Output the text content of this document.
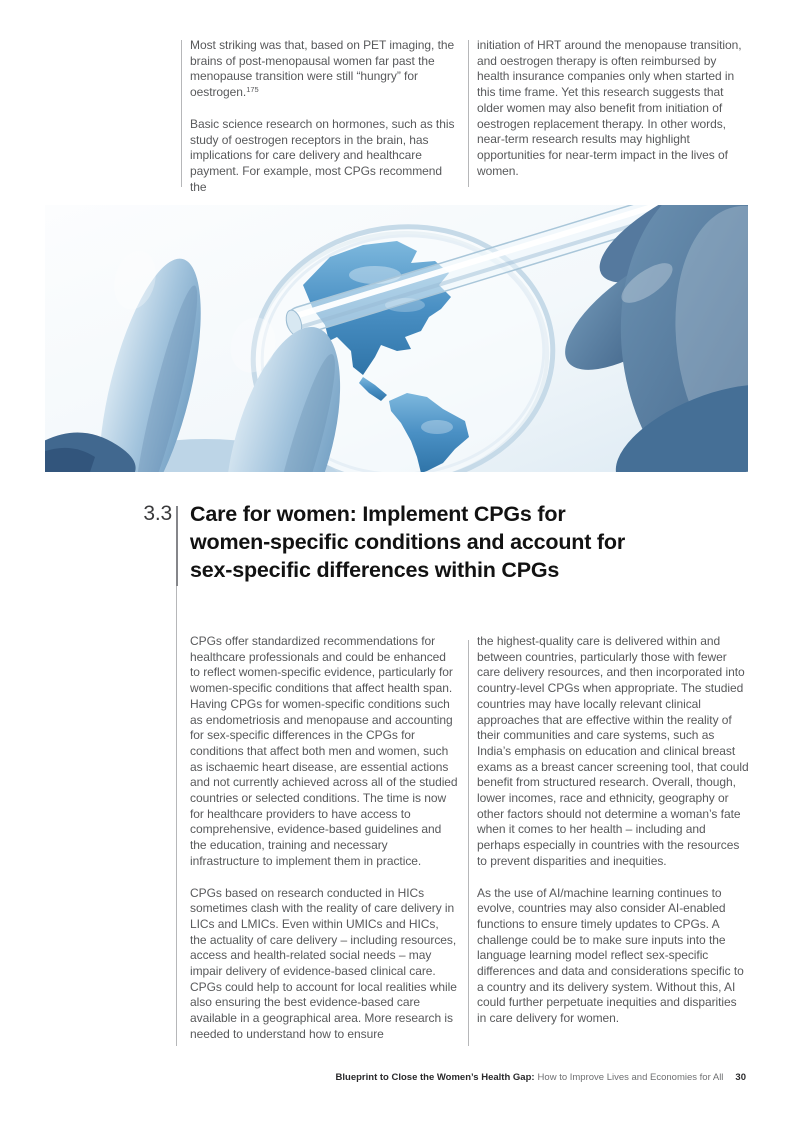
Most striking was that, based on PET imaging, the brains of post-menopausal women far past the menopause transition were still “hungry” for oestrogen.$^{175}$

Basic science research on hormones, such as this study of oestrogen receptors in the brain, has implications for care delivery and healthcare payment. For example, most CPGs recommend the

initiation of HRT around the menopause transition, and oestrogen therapy is often reimbursed by health insurance companies only when started in this time frame. Yet this research suggests that older women may also benefit from initiation of oestrogen replacement therapy. In other words, near-term research results may highlight opportunities for near-term impact in the lives of women.

3.3 Care for women: Implement CPGs for
women-specific conditions and account for
sex-specific differences within CPGs

CPGs offer standardized recommendations for healthcare professionals and could be enhanced to reflect women-specific evidence, particularly for women-specific conditions that affect health span. Having CPGs for women-specific conditions such as endometriosis and menopause and accounting for sex-specific differences in the CPGs for conditions that affect both men and women, such as ischaemic heart disease, are essential actions and not currently achieved across all of the studied countries or selected conditions. The time is now for healthcare providers to have access to comprehensive, evidence-based guidelines and the education, training and necessary infrastructure to implement them in practice.

CPGs based on research conducted in HICs sometimes clash with the reality of care delivery in LICs and LMICs. Even within UMICs and HICs, the actuality of care delivery – including resources, access and health-related social needs – may impair delivery of evidence-based clinical care. CPGs could help to account for local realities while also ensuring the best evidence-based care available in a geographical area. More research is needed to understand how to ensure

the highest-quality care is delivered within and between countries, particularly those with fewer care delivery resources, and then incorporated into country-level CPGs when appropriate. The studied countries may have locally relevant clinical approaches that are effective within the reality of their communities and care systems, such as India’s emphasis on education and clinical breast exams as a breast cancer screening tool, that could benefit from structured research. Overall, though, lower incomes, race and ethnicity, geography or other factors should not determine a woman’s fate when it comes to her health – including and perhaps especially in countries with the resources to prevent disparities and inequities.

As the use of AI/machine learning continues to evolve, countries may also consider AI-enabled functions to ensure timely updates to CPGs. A challenge could be to make sure inputs into the language learning model reflect sex-specific differences and data and considerations specific to a country and its delivery system. Without this, AI could further perpetuate inequities and disparities in care delivery for women.

Blueprint to Close the Women’s Health Gap: How to Improve Lives and Economies for All 30
